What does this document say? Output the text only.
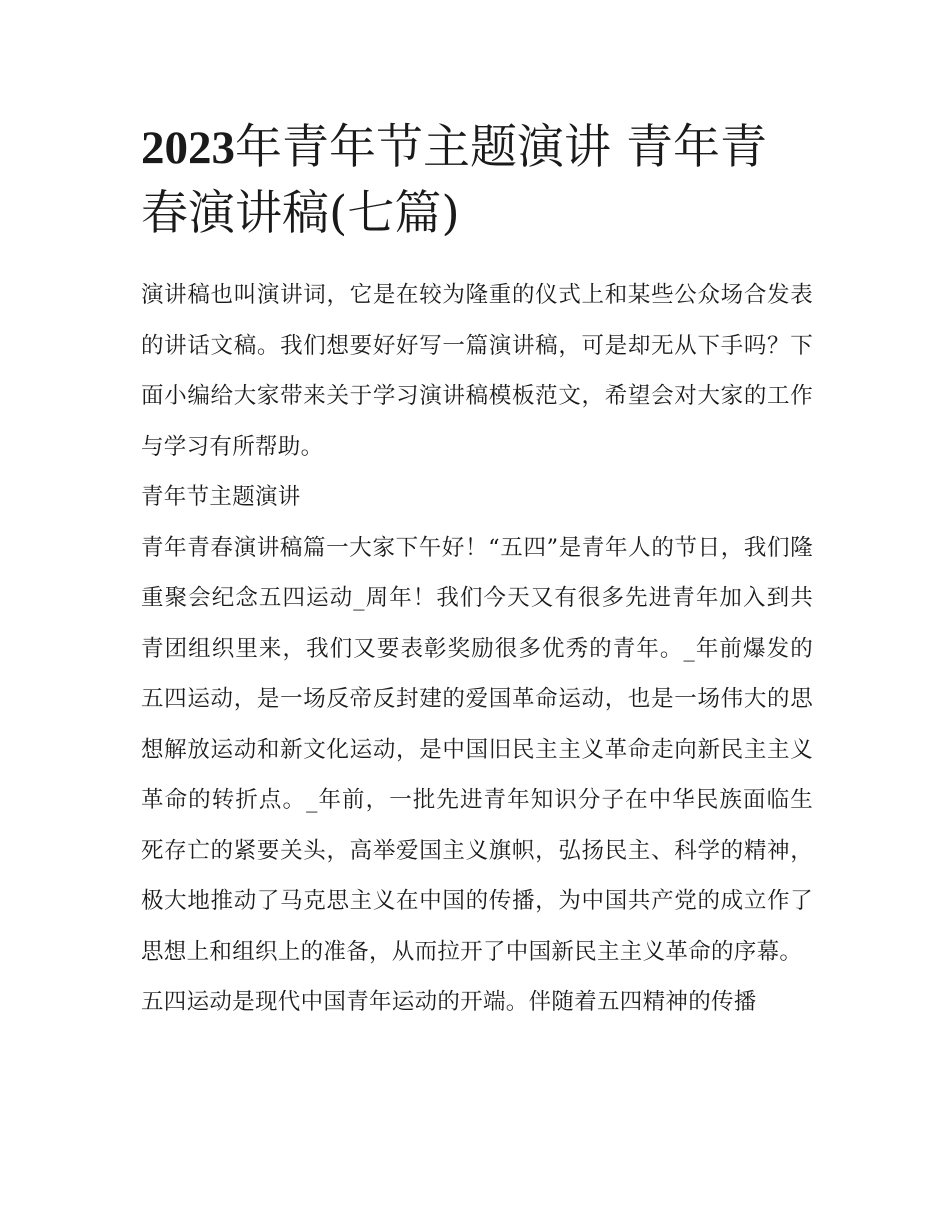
2023年青年节主题演讲 青年青春演讲稿(七篇)

演讲稿也叫演讲词，它是在较为隆重的仪式上和某些公众场合发表的讲话文稿。我们想要好好写一篇演讲稿，可是却无从下手吗？下面小编给大家带来关于学习演讲稿模板范文，希望会对大家的工作与学习有所帮助。

青年节主题演讲

青年青春演讲稿篇一大家下午好！“五四”是青年人的节日，我们隆重聚会纪念五四运动_周年！我们今天又有很多先进青年加入到共青团组织里来，我们又要表彰奖励很多优秀的青年。_年前爆发的五四运动，是一场反帝反封建的爱国革命运动，也是一场伟大的思想解放运动和新文化运动，是中国旧民主主义革命走向新民主主义革命的转折点。_年前，一批先进青年知识分子在中华民族面临生死存亡的紧要关头，高举爱国主义旗帜，弘扬民主、科学的精神，极大地推动了马克思主义在中国的传播，为中国共产党的成立作了思想上和组织上的准备，从而拉开了中国新民主主义革命的序幕。

五四运动是现代中国青年运动的开端。伴随着五四精神的传播
